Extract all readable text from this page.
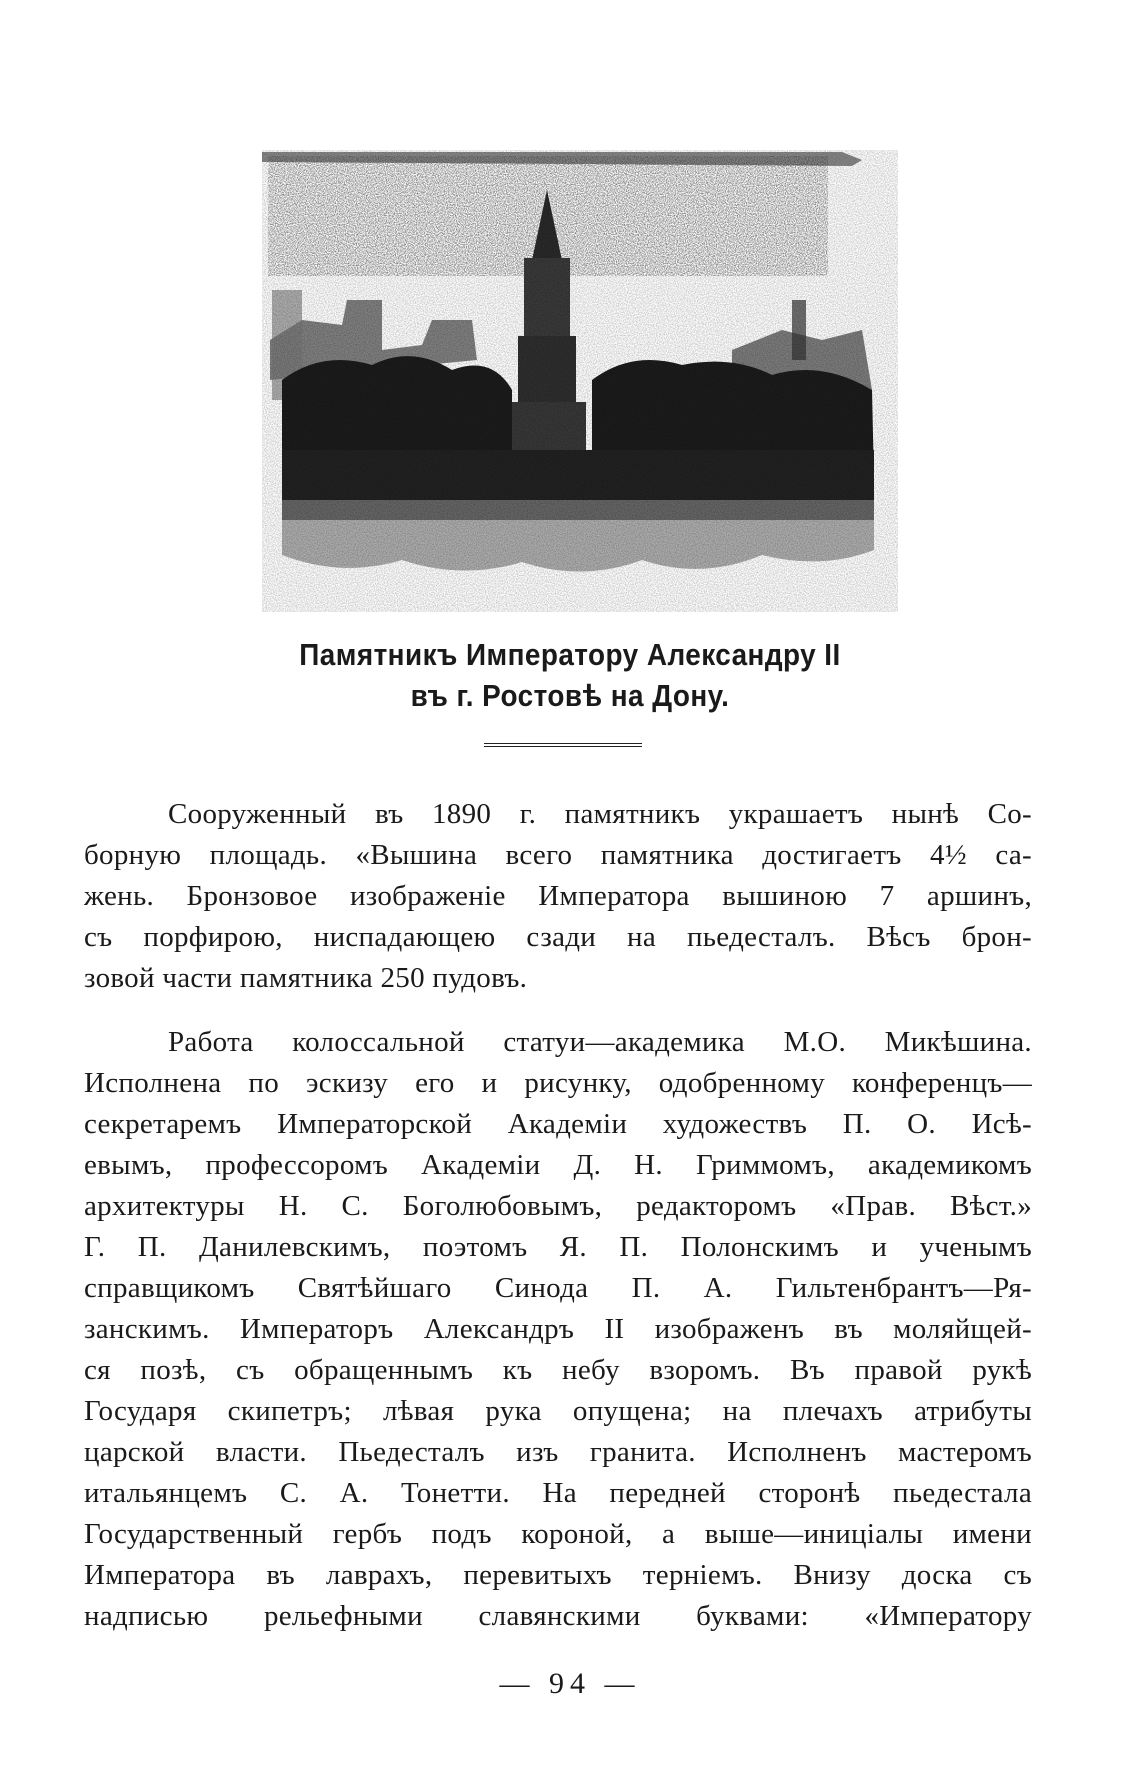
Памятникъ Императору Александру II
въ г. Ростовѣ на Дону.
Сооруженный въ 1890 г. памятникъ украшаетъ нынѣ Со-
борную площадь. «Вышина всего памятника достигаетъ 4½ са-
жень. Бронзовое изображеніе Императора вышиною 7 аршинъ,
съ порфирою, ниспадающею сзади на пьедесталъ. Вѣсъ брон-
зовой части памятника 250 пудовъ.
Работа колоссальной статуи—академика М.О. Микѣшина.
Исполнена по эскизу его и рисунку, одобренному конференцъ—
секретаремъ Императорской Академіи художествъ П. О. Исѣ-
евымъ, профессоромъ Академіи Д. Н. Гриммомъ, академикомъ
архитектуры Н. С. Боголюбовымъ, редакторомъ «Прав. Вѣст.»
Г. П. Данилевскимъ, поэтомъ Я. П. Полонскимъ и ученымъ
справщикомъ Святѣйшаго Синода П. А. Гильтенбрантъ—Ря-
занскимъ. Императоръ Александръ II изображенъ въ моляйщей-
ся позѣ, съ обращеннымъ къ небу взоромъ. Въ правой рукѣ
Государя скипетръ; лѣвая рука опущена; на плечахъ атрибуты
царской власти. Пьедесталъ изъ гранита. Исполненъ мастеромъ
итальянцемъ С. А. Тонетти. На передней сторонѣ пьедестала
Государственный гербъ подъ короной, а выше—иниціалы имени
Императора въ лаврахъ, перевитыхъ терніемъ. Внизу доска съ
надписью рельефными славянскими буквами: «Императору
— 94 —
